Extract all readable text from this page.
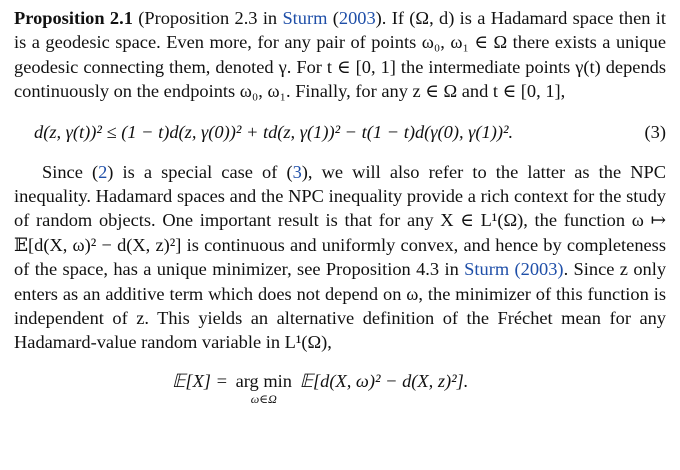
Proposition 2.1 (Proposition 2.3 in Sturm (2003). If (Ω, d) is a Hadamard space then it is a geodesic space. Even more, for any pair of points ω₀, ω₁ ∈ Ω there exists a unique geodesic connecting them, denoted γ. For t ∈ [0, 1] the intermediate points γ(t) depends continuously on the endpoints ω₀, ω₁. Finally, for any z ∈ Ω and t ∈ [0, 1],

d(z, γ(t))² ≤ (1 − t)d(z, γ(0))² + td(z, γ(1))² − t(1 − t)d(γ(0), γ(1))².	(3)

Since (2) is a special case of (3), we will also refer to the latter as the NPC inequality. Hadamard spaces and the NPC inequality provide a rich context for the study of random objects. One important result is that for any X ∈ L¹(Ω), the function ω ↦ 𝔼[d(X, ω)² − d(X, z)²] is continuous and uniformly convex, and hence by completeness of the space, has a unique minimizer, see Proposition 4.3 in Sturm (2003). Since z only enters as an additive term which does not depend on ω, the minimizer of this function is independent of z. This yields an alternative definition of the Fréchet mean for any Hadamard-value random variable in L¹(Ω),

𝔼[X] = arg min
ω∈Ω
𝔼[d(X, ω)² − d(X, z)²].
